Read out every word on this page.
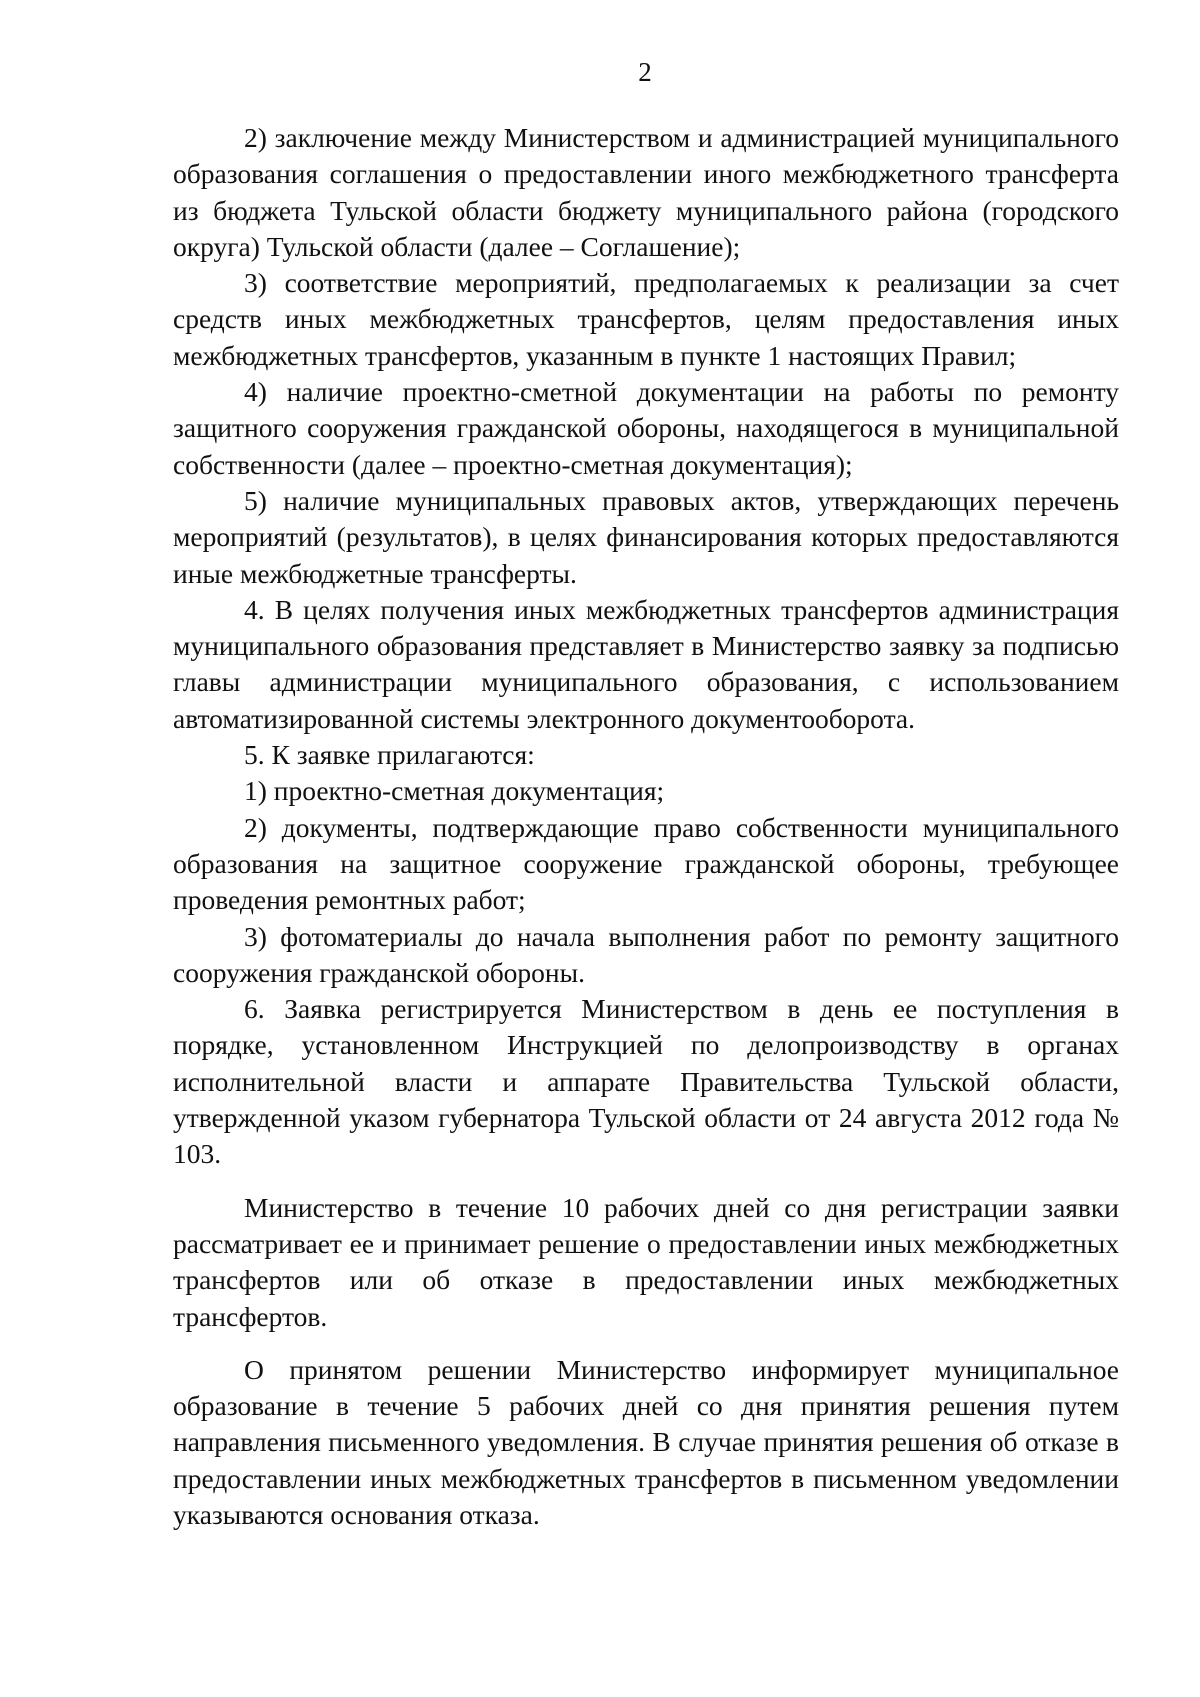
2

2) заключение между Министерством и администрацией муниципального образования соглашения о предоставлении иного межбюджетного трансферта из бюджета Тульской области бюджету муниципального района (городского округа) Тульской области (далее – Соглашение);

3) соответствие мероприятий, предполагаемых к реализации за счет средств иных межбюджетных трансфертов, целям предоставления иных межбюджетных трансфертов, указанным в пункте 1 настоящих Правил;

4) наличие проектно-сметной документации на работы по ремонту защитного сооружения гражданской обороны, находящегося в муниципальной собственности (далее – проектно-сметная документация);

5) наличие муниципальных правовых актов, утверждающих перечень мероприятий (результатов), в целях финансирования которых предоставляются иные межбюджетные трансферты.

4. В целях получения иных межбюджетных трансфертов администрация муниципального образования представляет в Министерство заявку за подписью главы администрации муниципального образования, с использованием автоматизированной системы электронного документооборота.

5. К заявке прилагаются:

1) проектно-сметная документация;

2) документы, подтверждающие право собственности муниципального образования на защитное сооружение гражданской обороны, требующее проведения ремонтных работ;

3) фотоматериалы до начала выполнения работ по ремонту защитного сооружения гражданской обороны.

6. Заявка регистрируется Министерством в день ее поступления в порядке, установленном Инструкцией по делопроизводству в органах исполнительной власти и аппарате Правительства Тульской области, утвержденной указом губернатора Тульской области от 24 августа 2012 года № 103.

Министерство в течение 10 рабочих дней со дня регистрации заявки рассматривает ее и принимает решение о предоставлении иных межбюджетных трансфертов или об отказе в предоставлении иных межбюджетных трансфертов.

О принятом решении Министерство информирует муниципальное образование в течение 5 рабочих дней со дня принятия решения путем направления письменного уведомления. В случае принятия решения об отказе в предоставлении иных межбюджетных трансфертов в письменном уведомлении указываются основания отказа.
